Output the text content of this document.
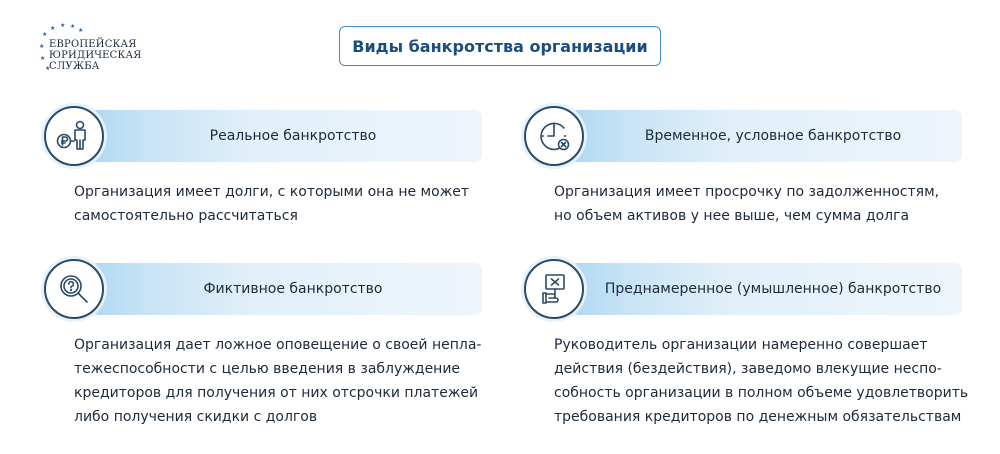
★ ★ ★
★
★
★
★
★
ЕВРОПЕЙСКАЯ
ЮРИДИЧЕСКАЯ
СЛУЖБА
Виды банкротства организации
Реальное банкротство
Организация имеет долги, с которыми она не может
самостоятельно рассчитаться
Временное, условное банкротство
Организация имеет просрочку по задолженностям,
но объем активов у нее выше, чем сумма долга
Фиктивное банкротство
Организация дает ложное оповещение о своей непла-
тежеспособности с целью введения в заблуждение
кредиторов для получения от них отсрочки платежей
либо получения скидки с долгов
Преднамеренное (умышленное) банкротство
Руководитель организации намеренно совершает
действия (бездействия), заведомо влекущие неспо-
собность организации в полном объеме удовлетворить
требования кредиторов по денежным обязательствам
